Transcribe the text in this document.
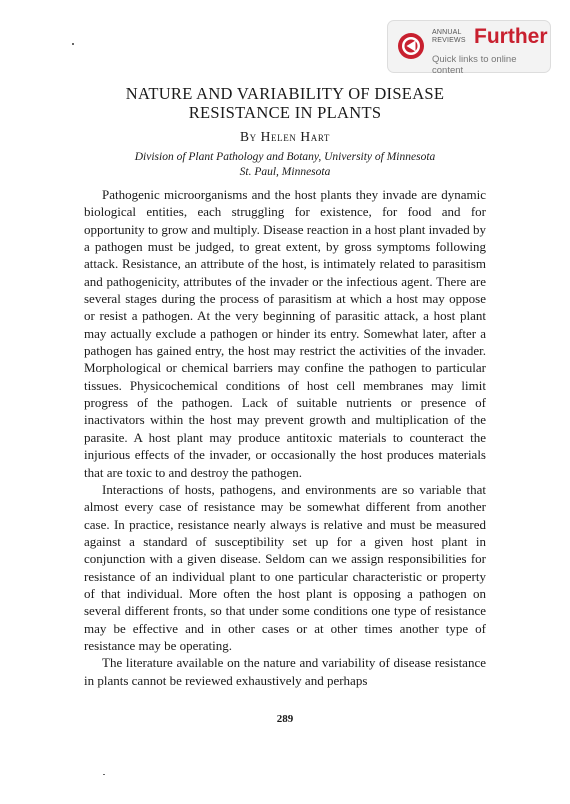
ANNUAL
REVIEWS Further
Quick links to online content
NATURE AND VARIABILITY OF DISEASE
RESISTANCE IN PLANTS
By Helen Hart
Division of Plant Pathology and Botany, University of Minnesota
St. Paul, Minnesota

Pathogenic microorganisms and the host plants they invade are dynamic biological entities, each struggling for existence, for food and for opportunity to grow and multiply. Disease reaction in a host plant invaded by a pathogen must be judged, to great extent, by gross symptoms following attack. Resistance, an attribute of the host, is intimately related to parasitism and pathogenicity, attributes of the invader or the infectious agent. There are several stages during the process of parasitism at which a host may oppose or resist a pathogen. At the very beginning of parasitic attack, a host plant may actually exclude a pathogen or hinder its entry. Somewhat later, after a pathogen has gained entry, the host may restrict the activities of the invader. Morphological or chemical barriers may confine the pathogen to particular tissues. Physicochemical conditions of host cell membranes may limit progress of the pathogen. Lack of suitable nutrients or presence of inactivators within the host may prevent growth and multiplication of the parasite. A host plant may produce antitoxic materials to counteract the injurious effects of the invader, or occasionally the host produces materials that are toxic to and destroy the pathogen.

Interactions of hosts, pathogens, and environments are so variable that almost every case of resistance may be somewhat different from another case. In practice, resistance nearly always is relative and must be measured against a standard of susceptibility set up for a given host plant in conjunction with a given disease. Seldom can we assign responsibilities for resistance of an individual plant to one particular characteristic or property of that individual. More often the host plant is opposing a pathogen on several different fronts, so that under some conditions one type of resistance may be effective and in other cases or at other times another type of resistance may be operating.

The literature available on the nature and variability of disease resistance in plants cannot be reviewed exhaustively and perhaps

289
